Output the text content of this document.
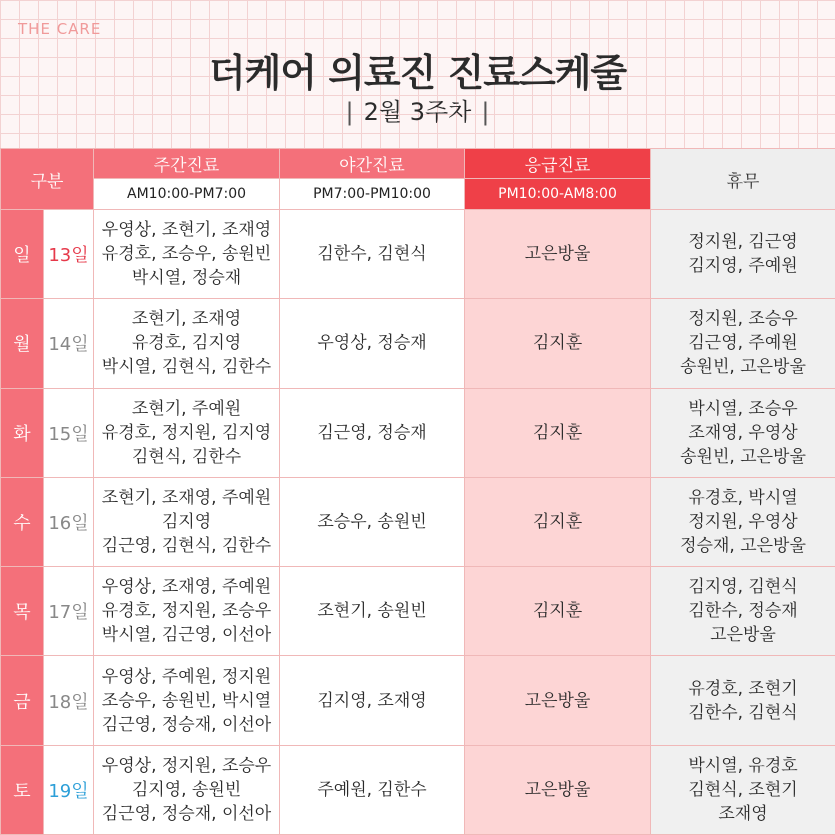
THE CARE
더케어 의료진 진료스케줄
| 2월 3주차 |
구분		주간진료	야간진료	응급진료	휴무
		AM10:00-PM7:00	PM7:00-PM10:00	PM10:00-AM8:00	
일	13일	우영상, 조현기, 조재영
유경호, 조승우, 송원빈
박시열, 정승재	김한수, 김현식	고은방울	정지원, 김근영
김지영, 주예원

월	14일	조현기, 조재영
유경호, 김지영
박시열, 김현식, 김한수	우영상, 정승재	김지훈	정지원, 조승우
김근영, 주예원
송원빈, 고은방울

화	15일	조현기, 주예원
유경호, 정지원, 김지영
김현식, 김한수	김근영, 정승재	김지훈	박시열, 조승우
조재영, 우영상
송원빈, 고은방울

수	16일	조현기, 조재영, 주예원
김지영
김근영, 김현식, 김한수	조승우, 송원빈	김지훈	유경호, 박시열
정지원, 우영상
정승재, 고은방울

목	17일	우영상, 조재영, 주예원
유경호, 정지원, 조승우
박시열, 김근영, 이선아	조현기, 송원빈	김지훈	김지영, 김현식
김한수, 정승재
고은방울

금	18일	우영상, 주예원, 정지원
조승우, 송원빈, 박시열
김근영, 정승재, 이선아	김지영, 조재영	고은방울	유경호, 조현기
김한수, 김현식

토	19일	우영상, 정지원, 조승우
김지영, 송원빈
김근영, 정승재, 이선아	주예원, 김한수	고은방울	박시열, 유경호
김현식, 조현기
조재영
